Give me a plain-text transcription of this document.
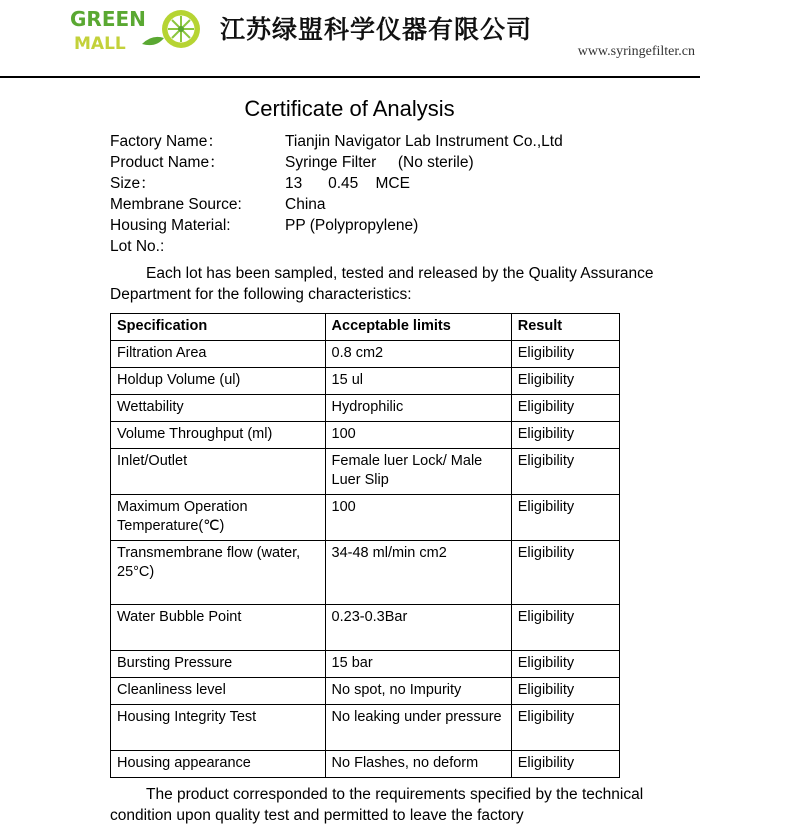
GREEN
MALL	江苏绿盟科学仪器有限公司
www.syringefilter.cn
Certificate of Analysis
Factory Name：	Tianjin Navigator Lab Instrument Co.,Ltd
Product Name：	Syringe Filter     (No sterile)
Size：	13      0.45    MCE
Membrane Source:	China
Housing Material:	PP (Polypropylene)
Lot No.:
Each lot has been sampled, tested and released by the Quality Assurance Department for the following characteristics:
Specification	Acceptable limits	Result
Filtration Area	0.8 cm2	Eligibility
Holdup Volume (ul)	15 ul	Eligibility
Wettability	Hydrophilic	Eligibility
Volume Throughput (ml)	100	Eligibility
Inlet/Outlet	Female luer Lock/ Male Luer Slip	Eligibility
Maximum Operation Temperature(℃)	100	Eligibility
Transmembrane flow (water, 25°C)	34-48 ml/min cm2	Eligibility
Water Bubble Point	0.23-0.3Bar	Eligibility
Bursting Pressure	15 bar	Eligibility
Cleanliness level	No spot, no Impurity	Eligibility
Housing Integrity Test	No leaking under pressure	Eligibility
Housing appearance	No Flashes, no deform	Eligibility
The product corresponded to the requirements specified by the technical condition upon quality test and permitted to leave the factory
